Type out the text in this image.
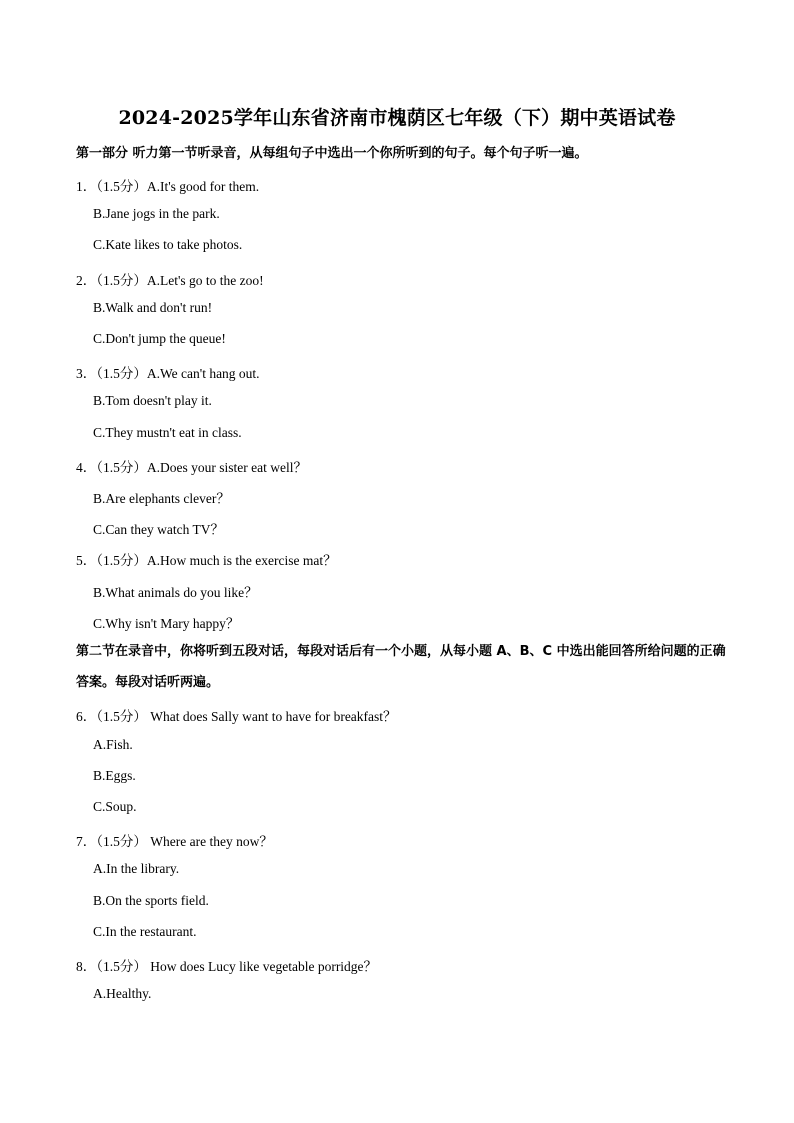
2024-2025学年山东省济南市槐荫区七年级（下）期中英语试卷
第一部分 听力第一节听录音，从每组句子中选出一个你所听到的句子。每个句子听一遍。
1．（1.5分）A.It's good for them.
B.Jane jogs in the park.
C.Kate likes to take photos.
2．（1.5分）A.Let's go to the zoo!
B.Walk and don't run!
C.Don't jump the queue!
3．（1.5分）A.We can't hang out.
B.Tom doesn't play it.
C.They mustn't eat in class.
4．（1.5分）A.Does your sister eat well？
B.Are elephants clever？
C.Can they watch TV？
5．（1.5分）A.How much is the exercise mat？
B.What animals do you like？
C.Why isn't Mary happy？
第二节在录音中，你将听到五段对话，每段对话后有一个小题，从每小题 A、B、C 中选出能回答所给问题的正确答案。每段对话听两遍。
6．（1.5分） What does Sally want to have for breakfast？
A.Fish.
B.Eggs.
C.Soup.
7．（1.5分） Where are they now？
A.In the library.
B.On the sports field.
C.In the restaurant.
8．（1.5分） How does Lucy like vegetable porridge？
A.Healthy.
